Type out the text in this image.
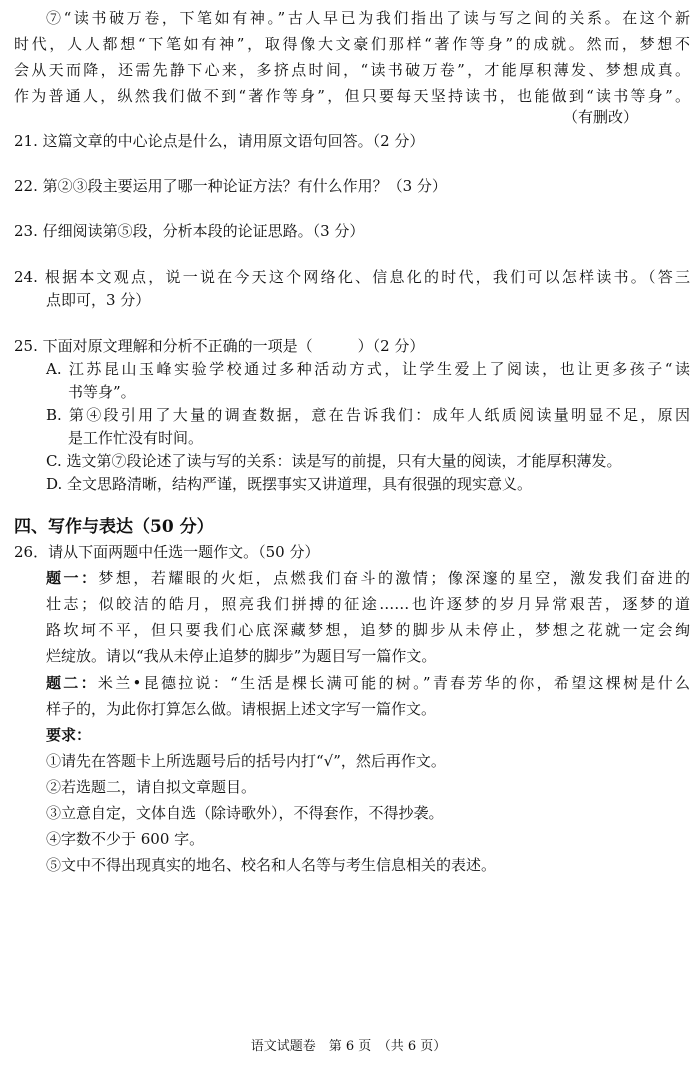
⑦“读书破万卷，下笔如有神。”古人早已为我们指出了读与写之间的关系。在这个新
时代，人人都想“下笔如有神”，取得像大文豪们那样“著作等身”的成就。然而，梦想不
会从天而降，还需先静下心来，多挤点时间，“读书破万卷”，才能厚积薄发、梦想成真。
作为普通人，纵然我们做不到“著作等身”，但只要每天坚持读书，也能做到“读书等身”。
（有删改）
21. 这篇文章的中心论点是什么，请用原文语句回答。（2 分）
22. 第②③段主要运用了哪一种论证方法？有什么作用？（3 分）
23. 仔细阅读第⑤段，分析本段的论证思路。（3 分）
24. 根据本文观点，说一说在今天这个网络化、信息化的时代，我们可以怎样读书。（答三
点即可，3 分）
25. 下面对原文理解和分析不正确的一项是（　　　）（2 分）
A. 江苏昆山玉峰实验学校通过多种活动方式，让学生爱上了阅读，也让更多孩子“读
书等身”。
B. 第④段引用了大量的调查数据，意在告诉我们：成年人纸质阅读量明显不足，原因
是工作忙没有时间。
C. 选文第⑦段论述了读与写的关系：读是写的前提，只有大量的阅读，才能厚积薄发。
D. 全文思路清晰，结构严谨，既摆事实又讲道理，具有很强的现实意义。
四、写作与表达（50 分）
26．请从下面两题中任选一题作文。（50 分）
题一：梦想，若耀眼的火炬，点燃我们奋斗的激情；像深邃的星空，激发我们奋进的
壮志；似皎洁的皓月，照亮我们拼搏的征途……也许逐梦的岁月异常艰苦，逐梦的道
路坎坷不平，但只要我们心底深藏梦想，追梦的脚步从未停止，梦想之花就一定会绚
烂绽放。请以“我从未停止追梦的脚步”为题目写一篇作文。
题二：米兰•昆德拉说：“生活是棵长满可能的树。”青春芳华的你，希望这棵树是什么
样子的，为此你打算怎么做。请根据上述文字写一篇作文。
要求：
①请先在答题卡上所选题号后的括号内打“√”，然后再作文。
②若选题二，请自拟文章题目。
③立意自定，文体自选（除诗歌外），不得套作，不得抄袭。
④字数不少于 600 字。
⑤文中不得出现真实的地名、校名和人名等与考生信息相关的表述。
语文试题卷　第 6 页　（共 6 页）
